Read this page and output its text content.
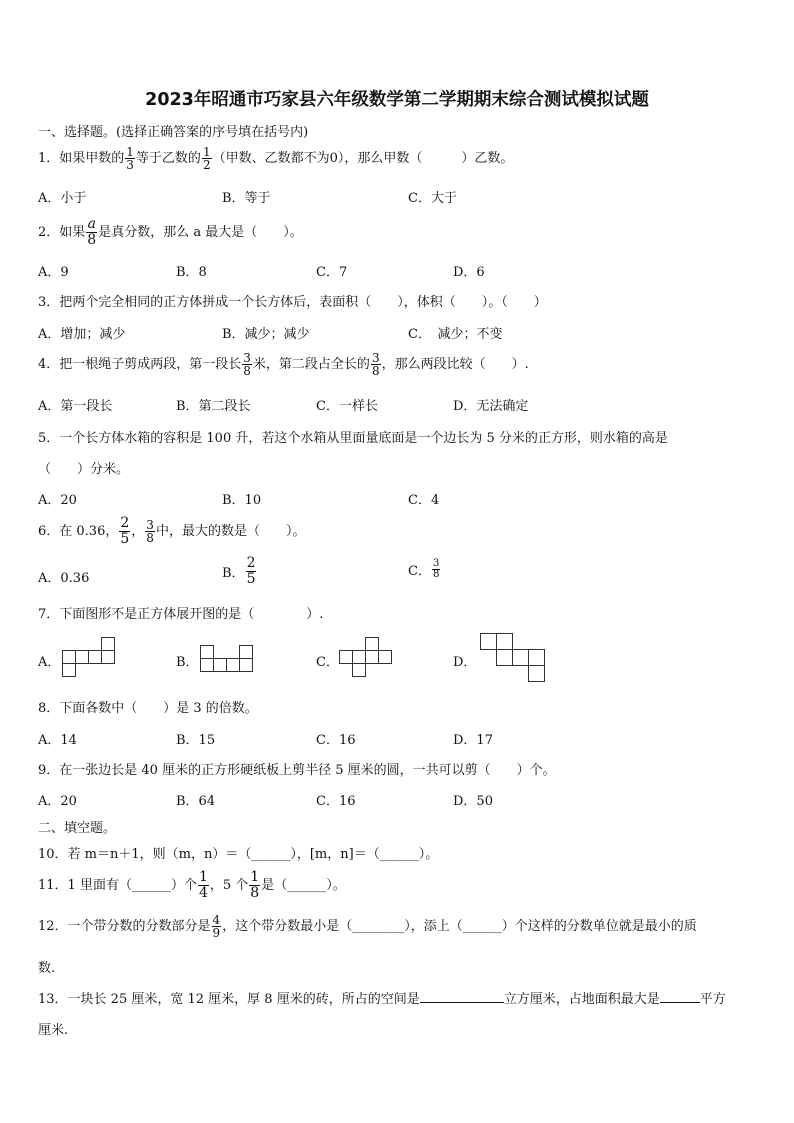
2023年昭通市巧家县六年级数学第二学期期末综合测试模拟试题
一、选择题。(选择正确答案的序号填在括号内)
1．如果甲数的 $\frac{1}{3}$ 等于乙数的 $\frac{1}{2}$ （甲数、乙数都不为0），那么甲数（　　　）乙数。
A．小于	B．等于	C．大于
2．如果 $\frac{a}{8}$ 是真分数，那么 a 最大是（　　）。
A．9	B．8	C．7	D．6
3．把两个完全相同的正方体拼成一个长方体后，表面积（　　），体积（　　）。（　　）
A．增加；减少	B．减少；减少	C．　减少；不变
4．把一根绳子剪成两段，第一段长 $\frac{3}{8}$ 米，第二段占全长的 $\frac{3}{8}$ ，那么两段比较（　　）.
A．第一段长	B．第二段长	C．一样长	D．无法确定
5．一个长方体水箱的容积是 100 升，若这个水箱从里面量底面是一个边长为 5 分米的正方形，则水箱的高是
（　　）分米。
A．20	B．10	C．4
6．在 0.36， $\frac{2}{5}$ ， $\frac{3}{8}$ 中，最大的数是（　　）。
A．0.36	B． $\frac{2}{5}$	C． $\frac{3}{8}$
7．下面图形不是正方体展开图的是（　　　　）.
A．	B．	C．	D．
8．下面各数中（　　）是 3 的倍数。
A．14	B．15	C．16	D．17
9．在一张边长是 40 厘米的正方形硬纸板上剪半径 5 厘米的圆，一共可以剪（　　）个。
A．20	B．64	C．16	D．50
二、填空题。
10．若 m＝n＋1，则（m，n）＝（______），[m，n]＝（______）。
11．1 里面有（______）个 $\frac{1}{4}$ ，5 个 $\frac{1}{8}$ 是（______）。
12．一个带分数的分数部分是 $\frac{4}{9}$ ，这个带分数最小是（________），添上（______）个这样的分数单位就是最小的质
数.
13．一块长 25 厘米，宽 12 厘米，厚 8 厘米的砖，所占的空间是	立方厘米，占地面积最大是	平方
厘米.
